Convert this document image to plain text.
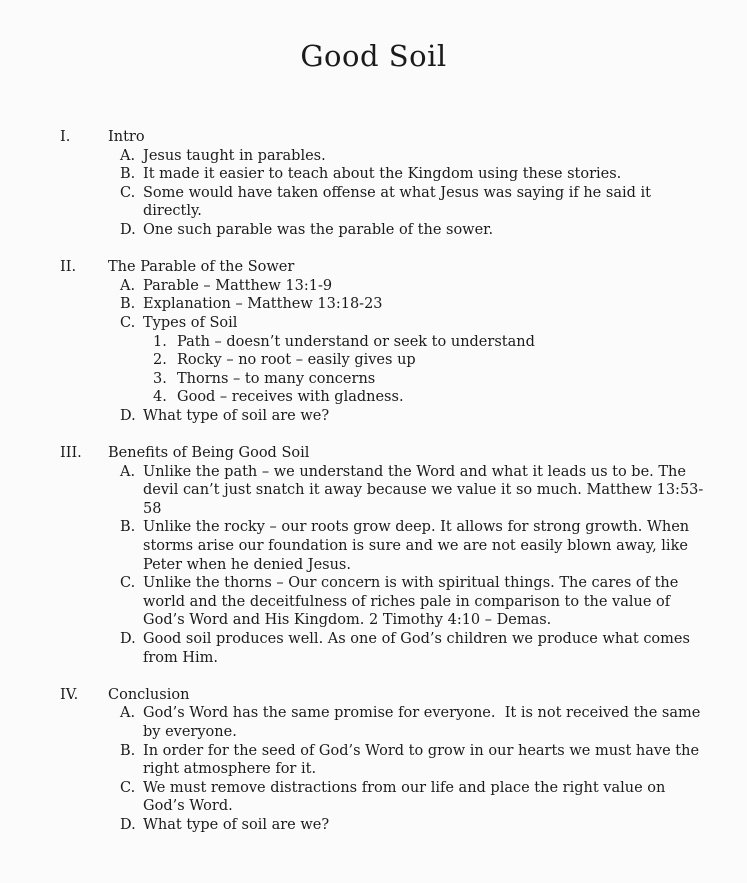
Good Soil
I.	Intro
A. Jesus taught in parables.
B. It made it easier to teach about the Kingdom using these stories.
C. Some would have taken offense at what Jesus was saying if he said it directly.
D. One such parable was the parable of the sower.
II.	The Parable of the Sower
A. Parable – Matthew 13:1-9
B. Explanation – Matthew 13:18-23
C. Types of Soil
1. Path – doesn’t understand or seek to understand
2. Rocky – no root – easily gives up
3. Thorns – to many concerns
4. Good – receives with gladness.
D. What type of soil are we?
III.	Benefits of Being Good Soil
A. Unlike the path – we understand the Word and what it leads us to be. The devil can’t just snatch it away because we value it so much. Matthew 13:53-58
B. Unlike the rocky – our roots grow deep. It allows for strong growth. When storms arise our foundation is sure and we are not easily blown away, like Peter when he denied Jesus.
C. Unlike the thorns – Our concern is with spiritual things. The cares of the world and the deceitfulness of riches pale in comparison to the value of God’s Word and His Kingdom. 2 Timothy 4:10 – Demas.
D. Good soil produces well. As one of God’s children we produce what comes from Him.
IV.	Conclusion
A. God’s Word has the same promise for everyone.  It is not received the same by everyone.
B. In order for the seed of God’s Word to grow in our hearts we must have the right atmosphere for it.
C. We must remove distractions from our life and place the right value on God’s Word.
D. What type of soil are we?
